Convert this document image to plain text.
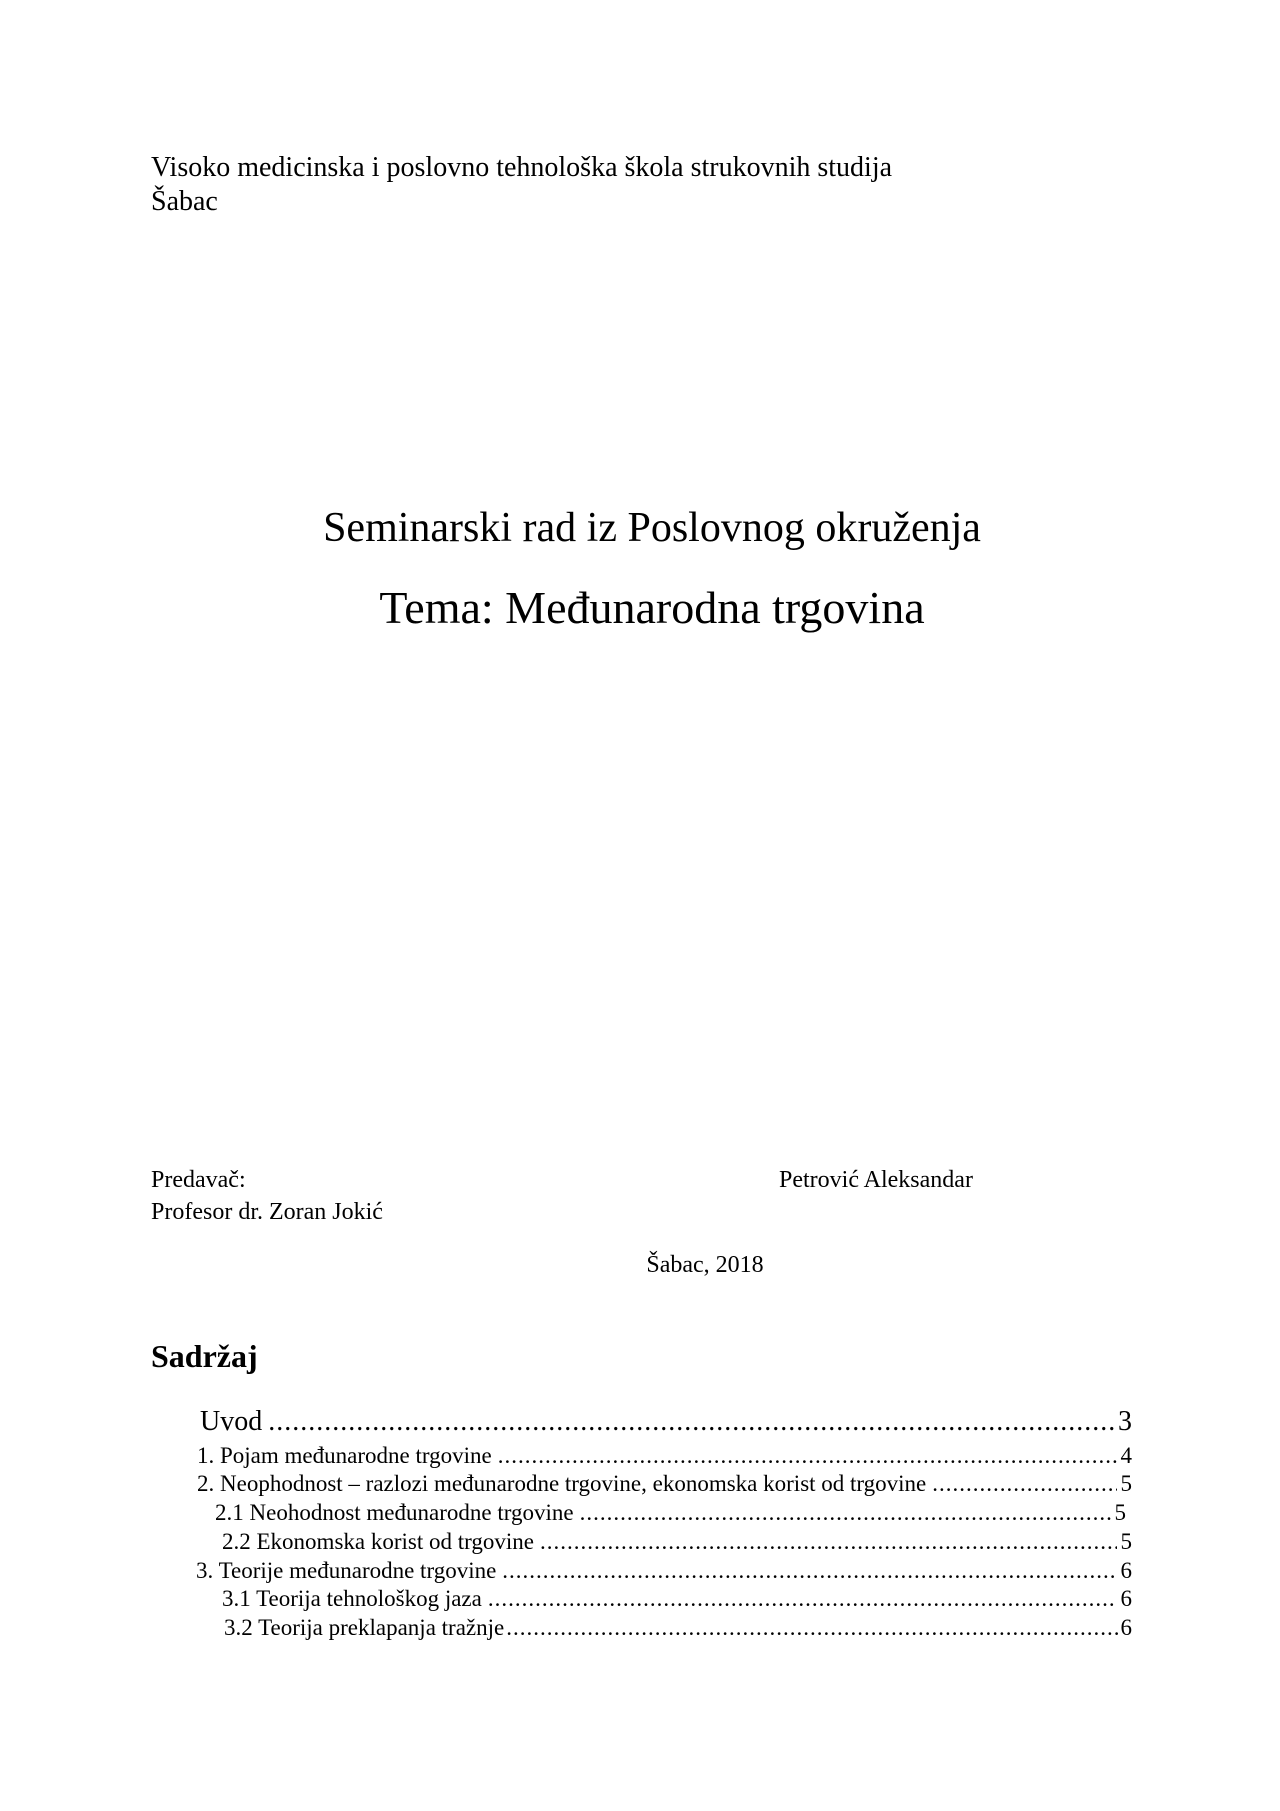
Visoko medicinska i poslovno tehnološka škola strukovnih studija
Šabac
Seminarski rad iz Poslovnog okruženja
Tema: Međunarodna trgovina
Predavač:
Profesor dr. Zoran Jokić
Petrović Aleksandar
Šabac, 2018
Sadržaj
Uvod .....	3
1. Pojam međunarodne trgovine .....	4
2. Neophodnost – razlozi međunarodne trgovine, ekonomska korist od trgovine .....	5
2.1 Neohodnost međunarodne trgovine .....	5
2.2 Ekonomska korist od trgovine .....	5
3. Teorije međunarodne trgovine .....	6
3.1 Teorija tehnološkog jaza .....	6
3.2 Teorija preklapanja tražnje .....	6
